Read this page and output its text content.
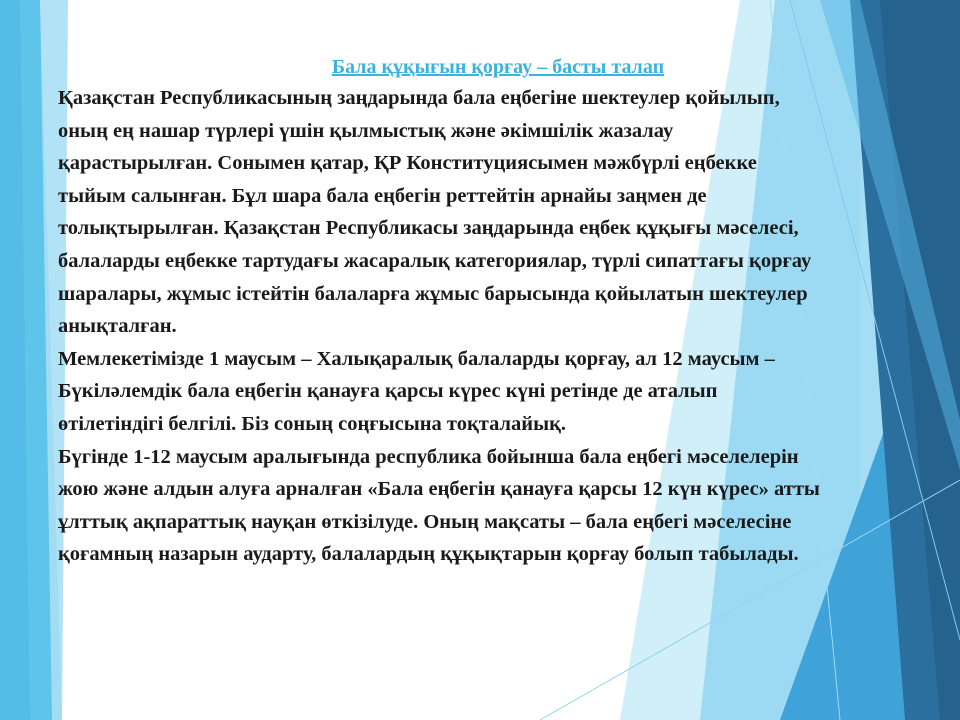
Бала құқығын қорғау – басты талап
Қазақстан Республикасының заңдарында бала еңбегіне шектеулер қойылып,
оның ең нашар түрлері үшін қылмыстық және әкімшілік жазалау
қарастырылған. Сонымен қатар, ҚР Конституциясымен мәжбүрлі еңбекке
тыйым салынған. Бұл шара бала еңбегін реттейтін арнайы заңмен де
толықтырылған. Қазақстан Республикасы заңдарында еңбек құқығы мәселесі,
балаларды еңбекке тартудағы жасаралық категориялар, түрлі сипаттағы қорғау
шаралары, жұмыс істейтін балаларға жұмыс барысында қойылатын шектеулер
анықталған.
Мемлекетімізде 1 маусым – Халықаралық балаларды қорғау, ал 12 маусым –
Бүкіләлемдік бала еңбегін қанауға қарсы күрес күні ретінде де аталып
өтілетіндігі белгілі. Біз соның соңғысына тоқталайық.
Бүгінде 1-12 маусым аралығында республика бойынша бала еңбегі мәселелерін
жою және алдын алуға арналған «Бала еңбегін қанауға қарсы 12 күн күрес» атты
ұлттық ақпараттық науқан өткізілуде. Оның мақсаты – бала еңбегі мәселесіне
қоғамның назарын аударту, балалардың құқықтарын қорғау болып табылады.
